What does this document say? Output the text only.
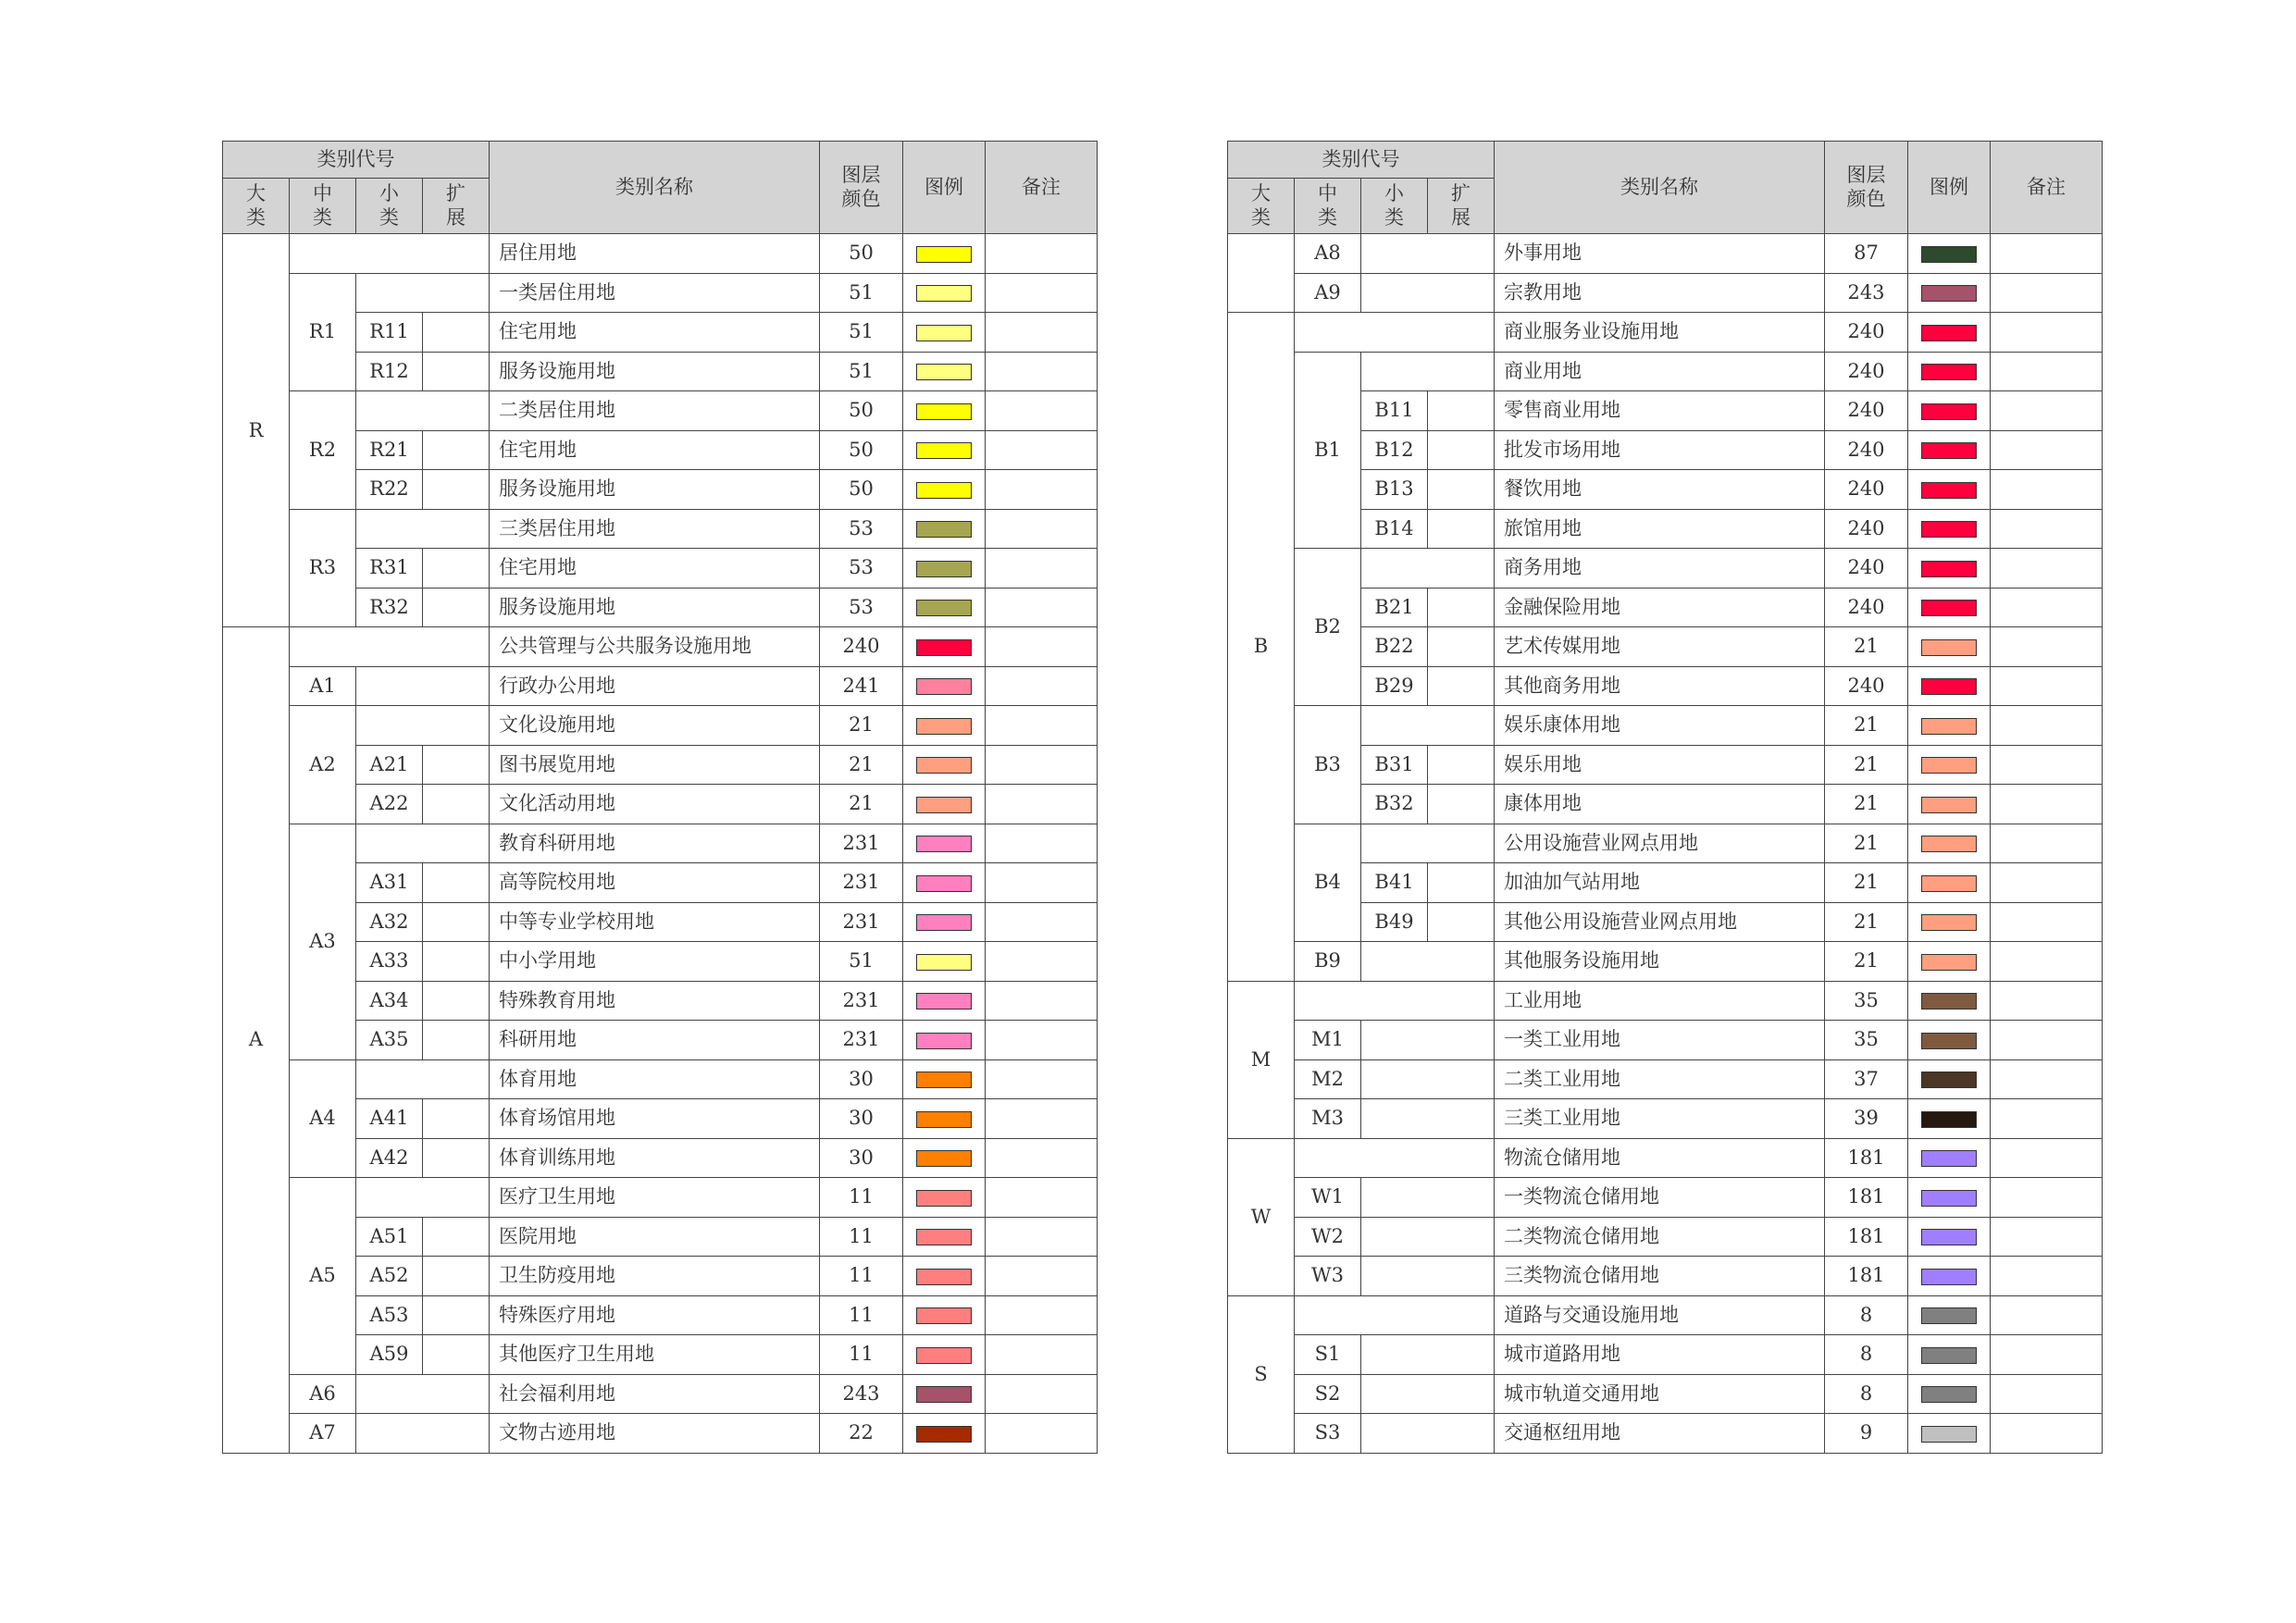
类别代号				类别名称	图层颜色	图例	备注

大类	中类	小类	扩展				

R				居住用地	50		
	R1			一类居住用地	51		
		R11		住宅用地	51		
		R12		服务设施用地	51		
	R2			二类居住用地	50		
		R21		住宅用地	50		
		R22		服务设施用地	50		
	R3			三类居住用地	53		
		R31		住宅用地	53		
		R32		服务设施用地	53		
A				公共管理与公共服务设施用地	240		
	A1			行政办公用地	241		
	A2			文化设施用地	21		
		A21		图书展览用地	21		
		A22		文化活动用地	21		
	A3			教育科研用地	231		
		A31		高等院校用地	231		
		A32		中等专业学校用地	231		
		A33		中小学用地	51		
		A34		特殊教育用地	231		
		A35		科研用地	231		
	A4			体育用地	30		
		A41		体育场馆用地	30		
		A42		体育训练用地	30		
	A5			医疗卫生用地	11		
		A51		医院用地	11		
		A52		卫生防疫用地	11		
		A53		特殊医疗用地	11		
		A59		其他医疗卫生用地	11		
	A6			社会福利用地	243		
	A7			文物古迹用地	22		
类别代号				类别名称	图层颜色	图例	备注

大类	中类	小类	扩展				

	A8			外事用地	87		
	A9			宗教用地	243		
B				商业服务业设施用地	240		
	B1			商业用地	240		
		B11		零售商业用地	240		
		B12		批发市场用地	240		
		B13		餐饮用地	240		
		B14		旅馆用地	240		
	B2			商务用地	240		
		B21		金融保险用地	240		
		B22		艺术传媒用地	21		
		B29		其他商务用地	240		
	B3			娱乐康体用地	21		
		B31		娱乐用地	21		
		B32		康体用地	21		
	B4			公用设施营业网点用地	21		
		B41		加油加气站用地	21		
		B49		其他公用设施营业网点用地	21		
	B9			其他服务设施用地	21		
M				工业用地	35		
	M1			一类工业用地	35		
	M2			二类工业用地	37		
	M3			三类工业用地	39		
W				物流仓储用地	181		
	W1			一类物流仓储用地	181		
	W2			二类物流仓储用地	181		
	W3			三类物流仓储用地	181		
S				道路与交通设施用地	8		
	S1			城市道路用地	8		
	S2			城市轨道交通用地	8		
	S3			交通枢纽用地	9		
